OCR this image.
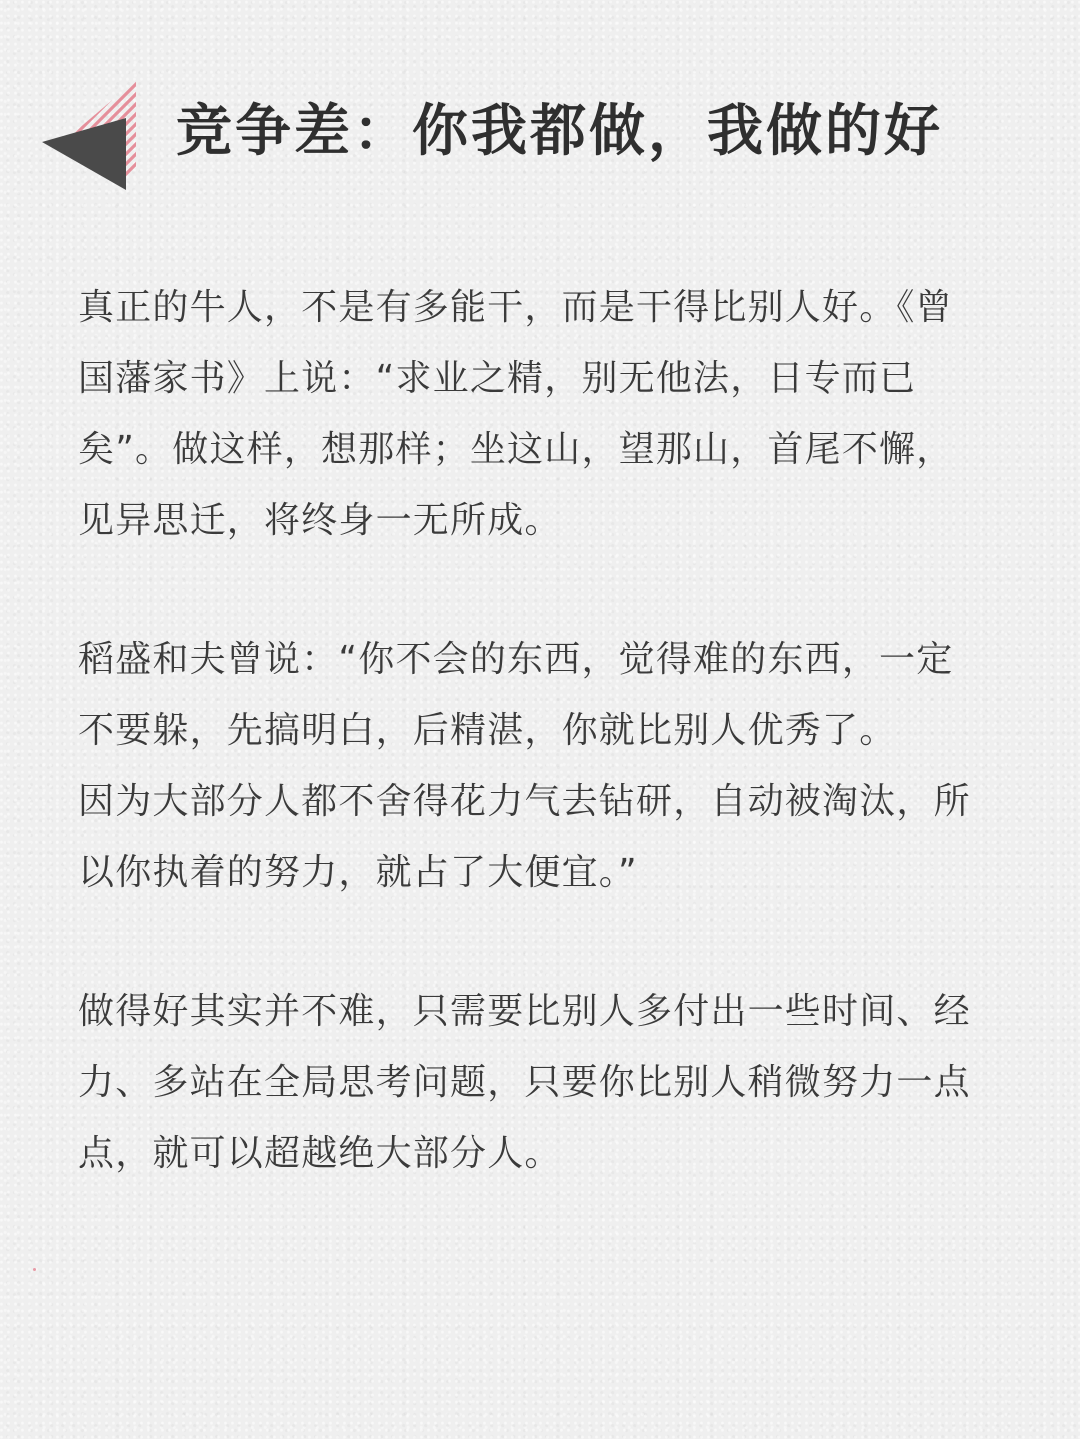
竞争差：你我都做，我做的好

真正的牛人，不是有多能干，而是干得比别人好。《曾
国藩家书》上说：“求业之精，别无他法，日专而已
矣”。做这样，想那样；坐这山，望那山，首尾不懈，
见异思迁，将终身一无所成。

稻盛和夫曾说：“你不会的东西，觉得难的东西，一定
不要躲，先搞明白，后精湛，你就比别人优秀了。
因为大部分人都不舍得花力气去钻研，自动被淘汰，所
以你执着的努力，就占了大便宜。”

做得好其实并不难，只需要比别人多付出一些时间、经
力、多站在全局思考问题，只要你比别人稍微努力一点
点，就可以超越绝大部分人。
